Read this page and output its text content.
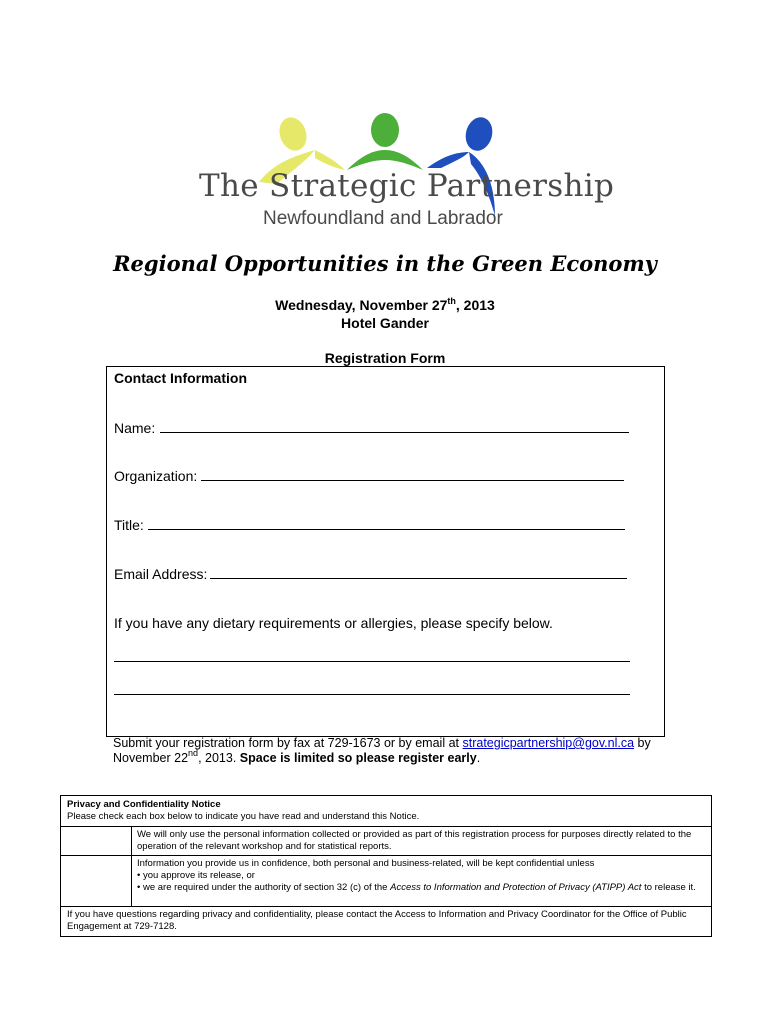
The Strategic Partnership
Newfoundland and Labrador
Regional Opportunities in the Green Economy
Wednesday, November 27th, 2013
Hotel Gander
Registration Form
Contact Information
Name:
Organization:
Title:
Email Address:
If you have any dietary requirements or allergies, please specify below.
Submit your registration form by fax at 729-1673 or by email at strategicpartnership@gov.nl.ca by
November 22nd, 2013. Space is limited so please register early.
Privacy and Confidentiality Notice
Please check each box below to indicate you have read and understand this Notice.
We will only use the personal information collected or provided as part of this registration process for purposes directly related to the operation of the relevant workshop and for statistical reports.
Information you provide us in confidence, both personal and business-related, will be kept confidential unless
• you approve its release, or
• we are required under the authority of section 32 (c) of the Access to Information and Protection of Privacy (ATIPP) Act to release it.
If you have questions regarding privacy and confidentiality, please contact the Access to Information and Privacy Coordinator for the Office of Public Engagement at 729-7128.
